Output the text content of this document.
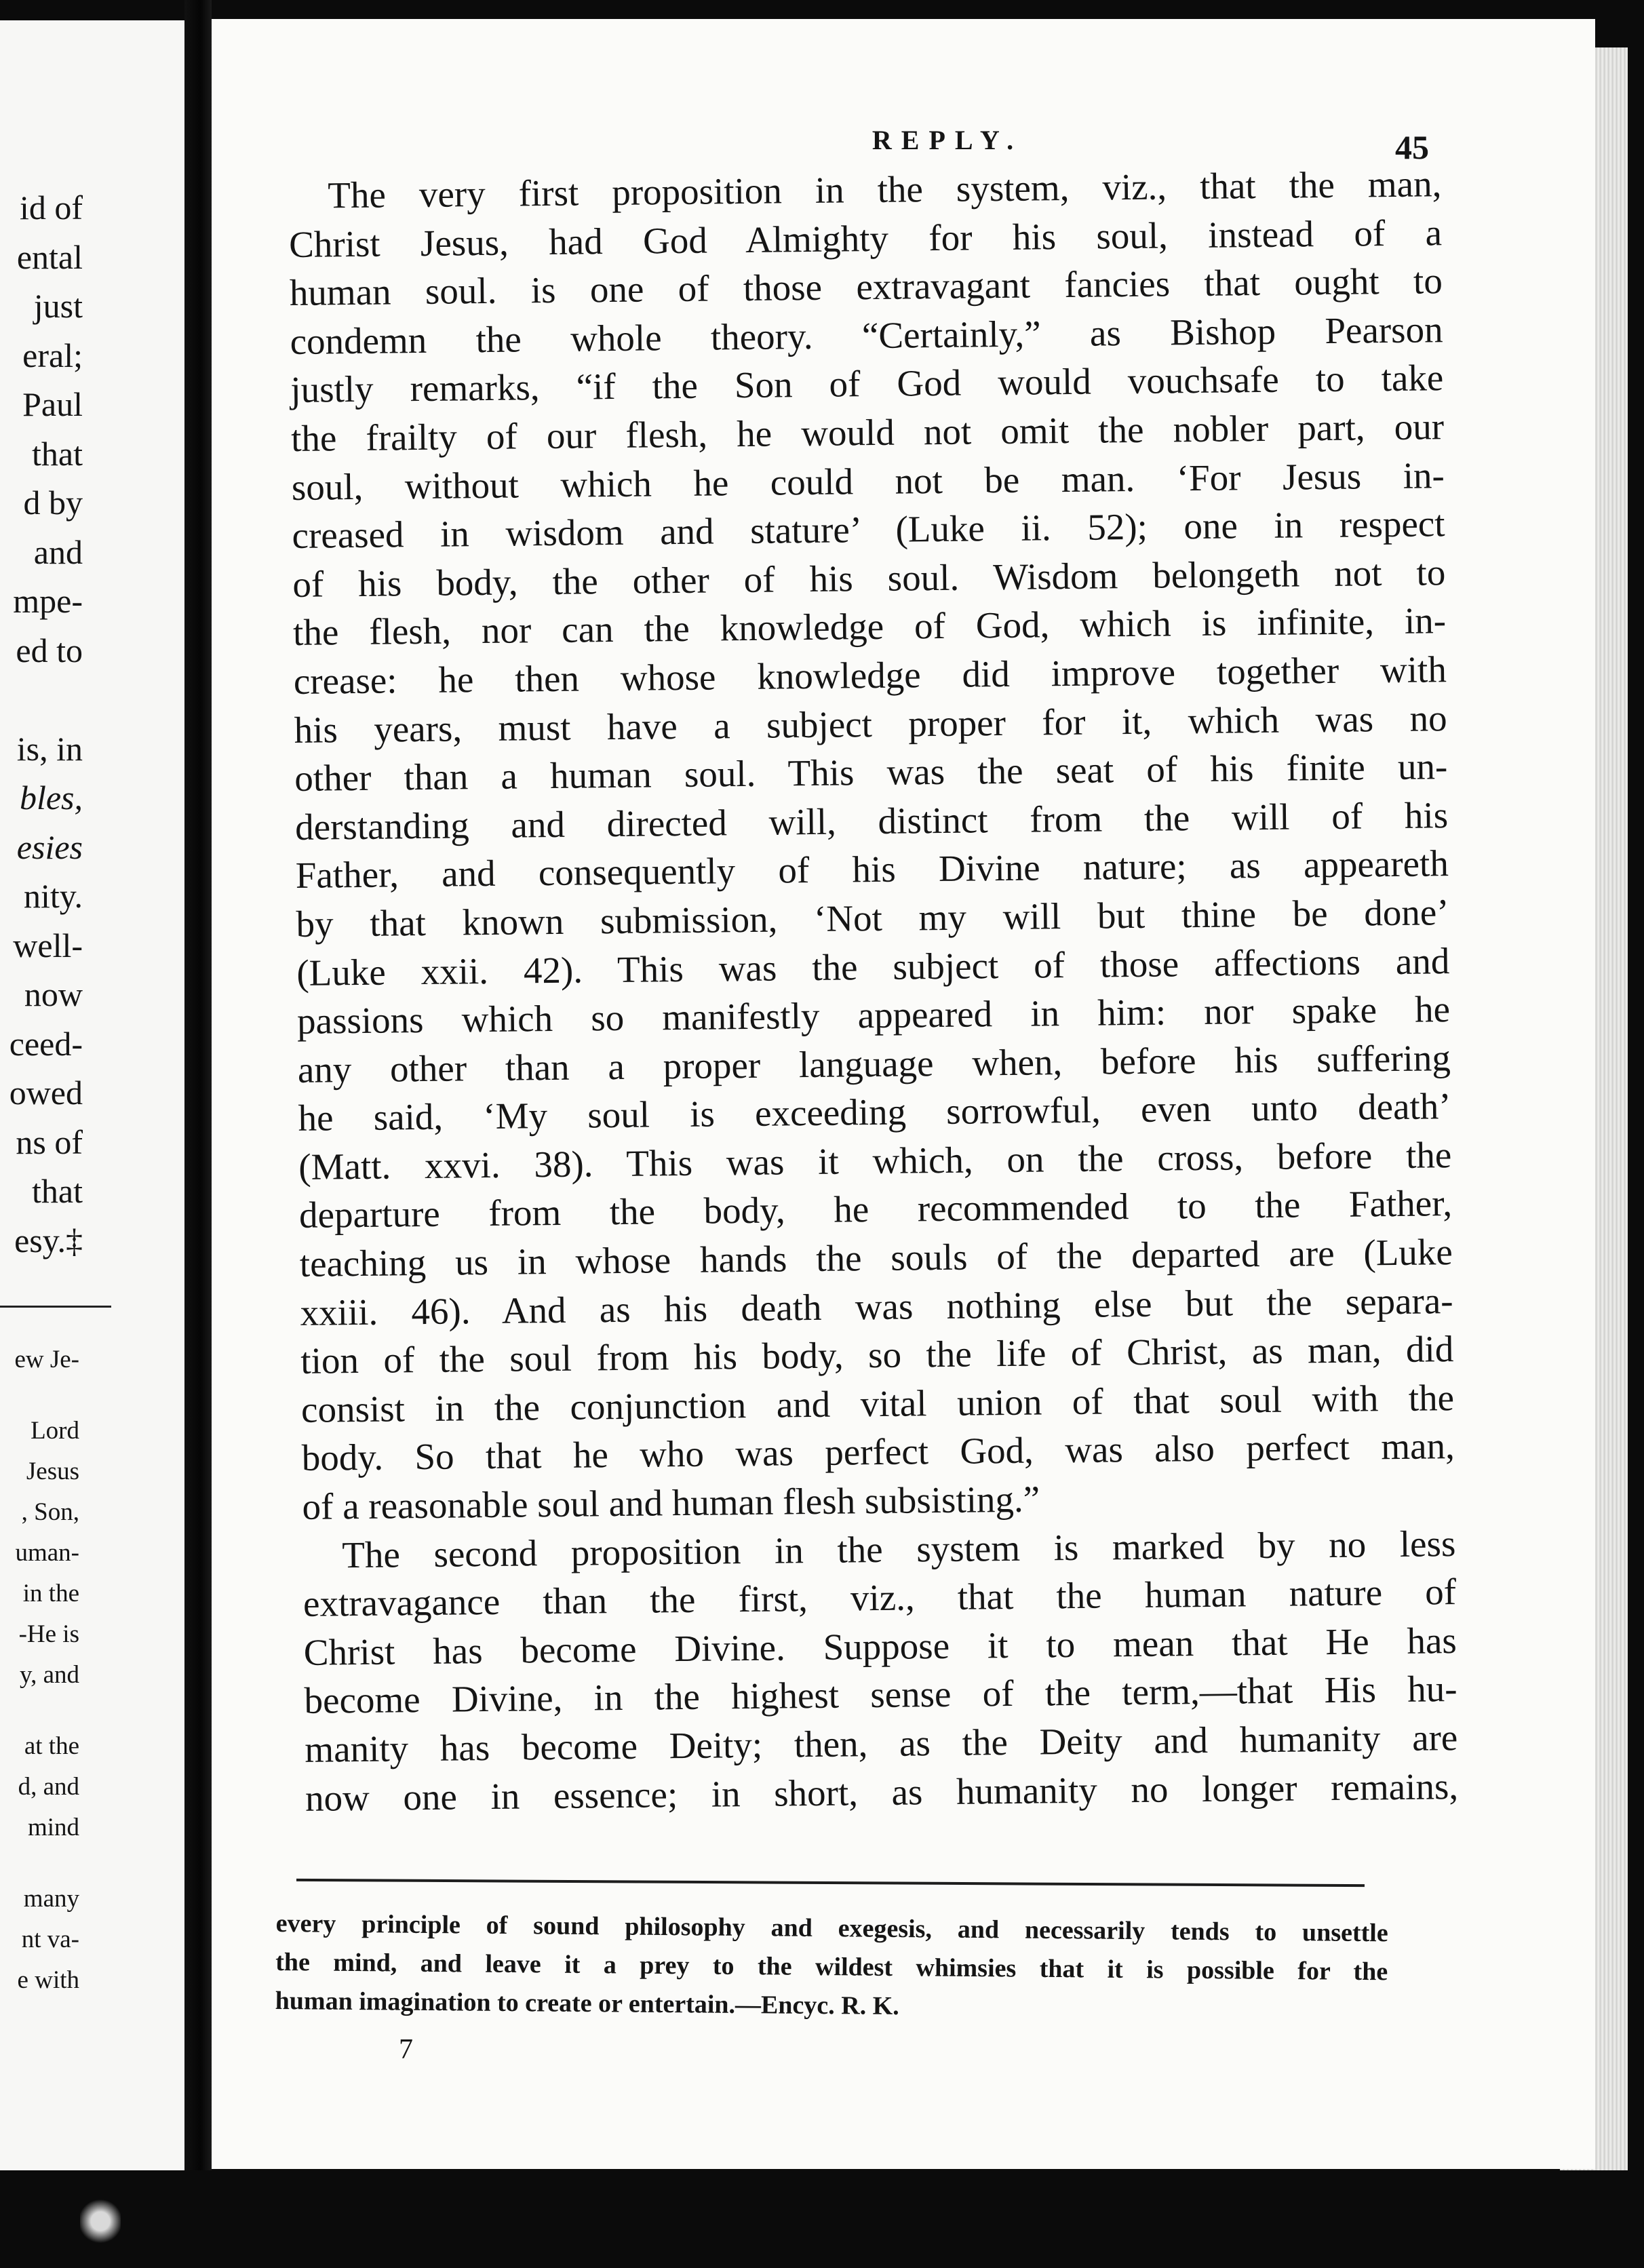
id of
ental
just
eral;
Paul
that
d by
and
mpe-
ed to

is, in
bles,
esies
nity.
well-
now
ceed-
owed
ns of
that
esy.‡
ew Je-
Lord
Jesus
, Son,
uman-
in the
-He is
y, and
at the
d, and
mind
many
nt va-
e with
REPLY.	45
The very first proposition in the system, viz., that the man,
Christ Jesus, had God Almighty for his soul, instead of a
human soul. is one of those extravagant fancies that ought to
condemn the whole theory. “Certainly,” as Bishop Pearson
justly remarks, “if the Son of God would vouchsafe to take
the frailty of our flesh, he would not omit the nobler part, our
soul, without which he could not be man. ‘For Jesus in-
creased in wisdom and stature’ (Luke ii. 52); one in respect
of his body, the other of his soul. Wisdom belongeth not to
the flesh, nor can the knowledge of God, which is infinite, in-
crease: he then whose knowledge did improve together with
his years, must have a subject proper for it, which was no
other than a human soul. This was the seat of his finite un-
derstanding and directed will, distinct from the will of his
Father, and consequently of his Divine nature; as appeareth
by that known submission, ‘Not my will but thine be done’
(Luke xxii. 42). This was the subject of those affections and
passions which so manifestly appeared in him: nor spake he
any other than a proper language when, before his suffering
he said, ‘My soul is exceeding sorrowful, even unto death’
(Matt. xxvi. 38). This was it which, on the cross, before the
departure from the body, he recommended to the Father,
teaching us in whose hands the souls of the departed are (Luke
xxiii. 46). And as his death was nothing else but the separa-
tion of the soul from his body, so the life of Christ, as man, did
consist in the conjunction and vital union of that soul with the
body. So that he who was perfect God, was also perfect man,
of a reasonable soul and human flesh subsisting.”
The second proposition in the system is marked by no less
extravagance than the first, viz., that the human nature of
Christ has become Divine. Suppose it to mean that He has
become Divine, in the highest sense of the term,—that His hu-
manity has become Deity; then, as the Deity and humanity are
now one in essence; in short, as humanity no longer remains,
every principle of sound philosophy and exegesis, and necessarily tends to unsettle
the mind, and leave it a prey to the wildest whimsies that it is possible for the
human imagination to create or entertain.—Encyc. R. K.
7
